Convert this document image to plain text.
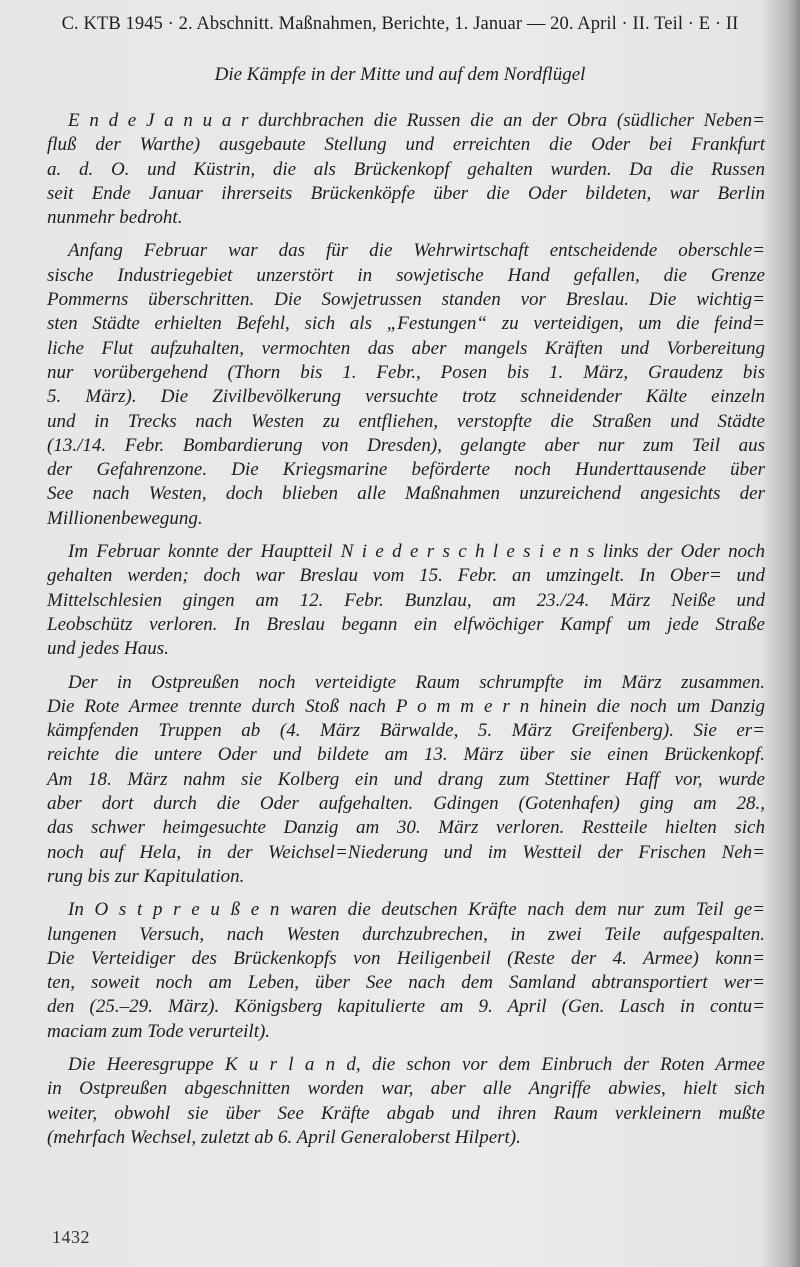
C. KTB 1945 · 2. Abschnitt. Maßnahmen, Berichte, 1. Januar — 20. April · II. Teil · E · II
Die Kämpfe in der Mitte und auf dem Nordflügel
E n d e J a n u a r durchbrachen die Russen die an der Obra (südlicher Neben=
fluß der Warthe) ausgebaute Stellung und erreichten die Oder bei Frankfurt
a. d. O. und Küstrin, die als Brückenkopf gehalten wurden. Da die Russen
seit Ende Januar ihrerseits Brückenköpfe über die Oder bildeten, war Berlin
nunmehr bedroht.
Anfang Februar war das für die Wehrwirtschaft entscheidende oberschle=
sische Industriegebiet unzerstört in sowjetische Hand gefallen, die Grenze
Pommerns überschritten. Die Sowjetrussen standen vor Breslau. Die wichtig=
sten Städte erhielten Befehl, sich als „Festungen“ zu verteidigen, um die feind=
liche Flut aufzuhalten, vermochten das aber mangels Kräften und Vorbereitung
nur vorübergehend (Thorn bis 1. Febr., Posen bis 1. März, Graudenz bis
5. März). Die Zivilbevölkerung versuchte trotz schneidender Kälte einzeln
und in Trecks nach Westen zu entfliehen, verstopfte die Straßen und Städte
(13./14. Febr. Bombardierung von Dresden), gelangte aber nur zum Teil aus
der Gefahrenzone. Die Kriegsmarine beförderte noch Hunderttausende über
See nach Westen, doch blieben alle Maßnahmen unzureichend angesichts der
Millionenbewegung.
Im Februar konnte der Hauptteil N i e d e r s c h l e s i e n s links der Oder noch
gehalten werden; doch war Breslau vom 15. Febr. an umzingelt. In Ober= und
Mittelschlesien gingen am 12. Febr. Bunzlau, am 23./24. März Neiße und
Leobschütz verloren. In Breslau begann ein elfwöchiger Kampf um jede Straße
und jedes Haus.
Der in Ostpreußen noch verteidigte Raum schrumpfte im März zusammen.
Die Rote Armee trennte durch Stoß nach P o m m e r n hinein die noch um Danzig
kämpfenden Truppen ab (4. März Bärwalde, 5. März Greifenberg). Sie er=
reichte die untere Oder und bildete am 13. März über sie einen Brückenkopf.
Am 18. März nahm sie Kolberg ein und drang zum Stettiner Haff vor, wurde
aber dort durch die Oder aufgehalten. Gdingen (Gotenhafen) ging am 28.,
das schwer heimgesuchte Danzig am 30. März verloren. Restteile hielten sich
noch auf Hela, in der Weichsel=Niederung und im Westteil der Frischen Neh=
rung bis zur Kapitulation.
In O s t p r e u ß e n waren die deutschen Kräfte nach dem nur zum Teil ge=
lungenen Versuch, nach Westen durchzubrechen, in zwei Teile aufgespalten.
Die Verteidiger des Brückenkopfs von Heiligenbeil (Reste der 4. Armee) konn=
ten, soweit noch am Leben, über See nach dem Samland abtransportiert wer=
den (25.–29. März). Königsberg kapitulierte am 9. April (Gen. Lasch in contu=
maciam zum Tode verurteilt).
Die Heeresgruppe K u r l a n d, die schon vor dem Einbruch der Roten Armee
in Ostpreußen abgeschnitten worden war, aber alle Angriffe abwies, hielt sich
weiter, obwohl sie über See Kräfte abgab und ihren Raum verkleinern mußte
(mehrfach Wechsel, zuletzt ab 6. April Generaloberst Hilpert).
1432
